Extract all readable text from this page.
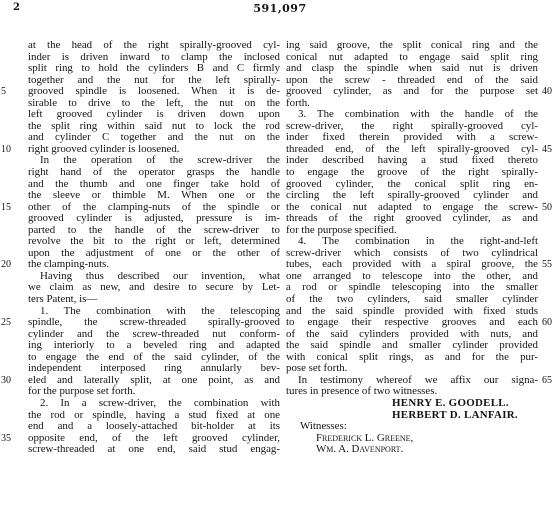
2	591,097
at the head of the right spirally-grooved cyl-
inder is driven inward to clamp the inclosed
split ring to hold the cylinders B and C firmly
together and the nut for the left spirally-
grooved spindle is loosened. When it is de-
sirable to drive to the left, the nut on the
left grooved cylinder is driven down upon
the split ring within said nut to lock the rod
and cylinder C together and the nut on the
right grooved cylinder is loosened.
In the operation of the screw-driver the
right hand of the operator grasps the handle
and the thumb and one finger take hold of
the sleeve or thimble M. When one or the
other of the clamping-nuts of the spindle or
grooved cylinder is adjusted, pressure is im-
parted to the handle of the screw-driver to
revolve the bit to the right or left, determined
upon the adjustment of one or the other of
the clamping-nuts.
Having thus described our invention, what
we claim as new, and desire to secure by Let-
ters Patent, is—
1. The combination with the telescoping
spindle, the screw-threaded spirally-grooved
cylinder and the screw-threaded nut conform-
ing interiorly to a beveled ring and adapted
to engage the end of the said cylinder, of the
independent interposed ring annularly bev-
eled and laterally split, at one point, as and
for the purpose set forth.
2. In a screw-driver, the combination with
the rod or spindle, having a stud fixed at one
end and a loosely-attached bit-holder at its
opposite end, of the left grooved cylinder,
screw-threaded at one end, said stud engag-
ing said groove, the split conical ring and the
conical nut adapted to engage said split ring
and clasp the spindle when said nut is driven
upon the screw - threaded end of the said
grooved cylinder, as and for the purpose set
forth.
3. The combination with the handle of the
screw-driver, the right spirally-grooved cyl-
inder fixed therein provided with a screw-
threaded end, of the left spirally-grooved cyl-
inder described having a stud fixed thereto
to engage the groove of the right spirally-
grooved cylinder, the conical split ring en-
circling the left spirally-grooved cylinder and
the conical nut adapted to engage the screw-
threads of the right grooved cylinder, as and
for the purpose specified.
4. The combination in the right-and-left
screw-driver which consists of two cylindrical
tubes, each provided with a spiral groove, the
one arranged to telescope into the other, and
a rod or spindle telescoping into the smaller
of the two cylinders, said smaller cylinder
and the said spindle provided with fixed studs
to engage their respective grooves and each
of the said cylinders provided with nuts, and
the said spindle and smaller cylinder provided
with conical split rings, as and for the pur-
pose set forth.
In testimony whereof we affix our signa-
tures in presence of two witnesses.
HENRY E. GOODELL.
HERBERT D. LANFAIR.
Witnesses:
Frederick L. Greene,
Wm. A. Davenport.
5
10
15
20
25
30
35
40
45
50
55
60
65
